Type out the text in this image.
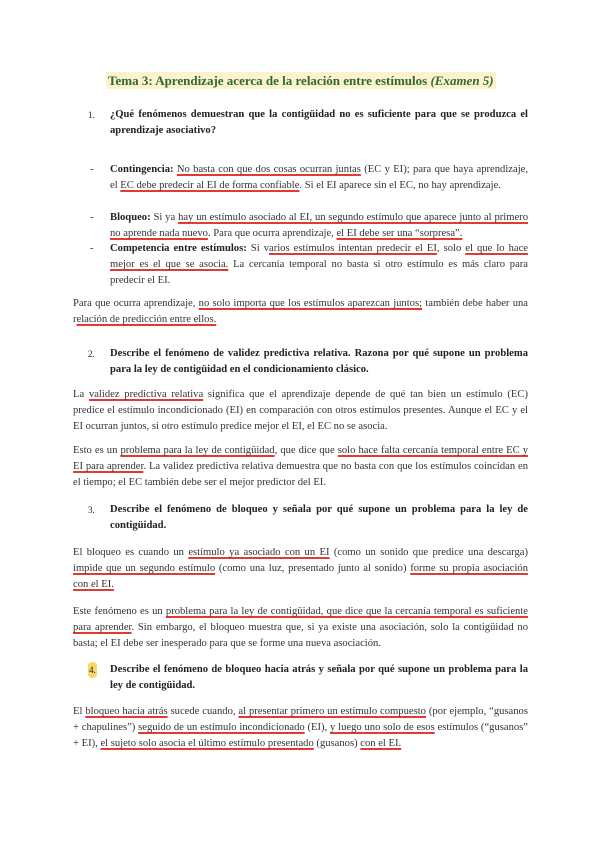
Tema 3: Aprendizaje acerca de la relación entre estímulos (Examen 5)
1. ¿Qué fenómenos demuestran que la contigüidad no es suficiente para que se produzca el aprendizaje asociativo?
- Contingencia: No basta con que dos cosas ocurran juntas (EC y EI); para que haya aprendizaje, el EC debe predecir al EI de forma confiable. Si el EI aparece sin el EC, no hay aprendizaje.
- Bloqueo: Si ya hay un estímulo asociado al EI, un segundo estímulo que aparece junto al primero no aprende nada nuevo. Para que ocurra aprendizaje, el EI debe ser una “sorpresa”.
- Competencia entre estímulos: Si varios estímulos intentan predecir el EI, solo el que lo hace mejor es el que se asocia. La cercanía temporal no basta si otro estímulo es más claro para predecir el EI.
Para que ocurra aprendizaje, no solo importa que los estímulos aparezcan juntos; también debe haber una relación de predicción entre ellos.
2. Describe el fenómeno de validez predictiva relativa. Razona por qué supone un problema para la ley de contigüidad en el condicionamiento clásico.
La validez predictiva relativa significa que el aprendizaje depende de qué tan bien un estímulo (EC) predice el estímulo incondicionado (EI) en comparación con otros estímulos presentes. Aunque el EC y el EI ocurran juntos, si otro estímulo predice mejor el EI, el EC no se asocia.
Esto es un problema para la ley de contigüidad, que dice que solo hace falta cercanía temporal entre EC y EI para aprender. La validez predictiva relativa demuestra que no basta con que los estímulos coincidan en el tiempo; el EC también debe ser el mejor predictor del EI.
3. Describe el fenómeno de bloqueo y señala por qué supone un problema para la ley de contigüidad.
El bloqueo es cuando un estímulo ya asociado con un EI (como un sonido que predice una descarga) impide que un segundo estímulo (como una luz, presentado junto al sonido) forme su propia asociación con el EI.
Este fenómeno es un problema para la ley de contigüidad, que dice que la cercanía temporal es suficiente para aprender. Sin embargo, el bloqueo muestra que, si ya existe una asociación, solo la contigüidad no basta; el EI debe ser inesperado para que se forme una nueva asociación.
4. Describe el fenómeno de bloqueo hacia atrás y señala por qué supone un problema para la ley de contigüidad.
El bloqueo hacia atrás sucede cuando, al presentar primero un estímulo compuesto (por ejemplo, “gusanos + chapulines”) seguido de un estímulo incondicionado (EI), y luego uno solo de esos estímulos (“gusanos” + EI), el sujeto solo asocia el último estímulo presentado (gusanos) con el EI.
